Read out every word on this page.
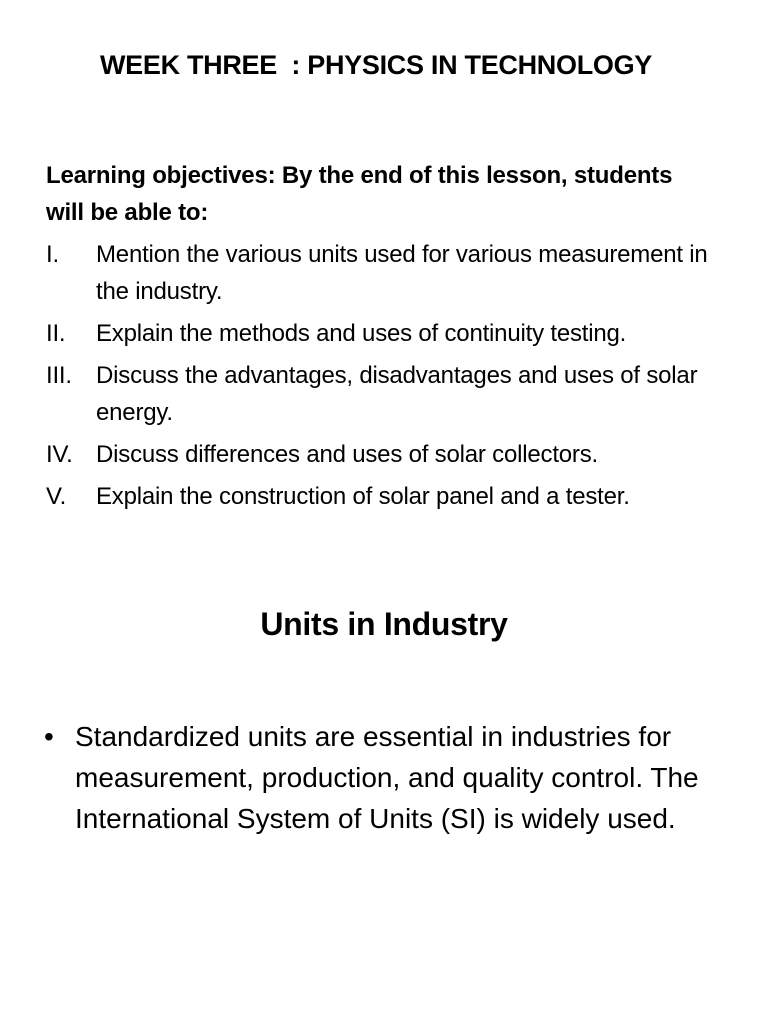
WEEK THREE  : PHYSICS IN TECHNOLOGY
Learning objectives: By the end of this lesson, students will be able to:
I. Mention the various units used for various measurement in the industry.
II. Explain the methods and uses of continuity testing.
III. Discuss the advantages, disadvantages and uses of solar energy.
IV. Discuss differences and uses of solar collectors.
V. Explain the construction of solar panel and a tester.
Units in Industry
• Standardized units are essential in industries for measurement, production, and quality control. The International System of Units (SI) is widely used.
